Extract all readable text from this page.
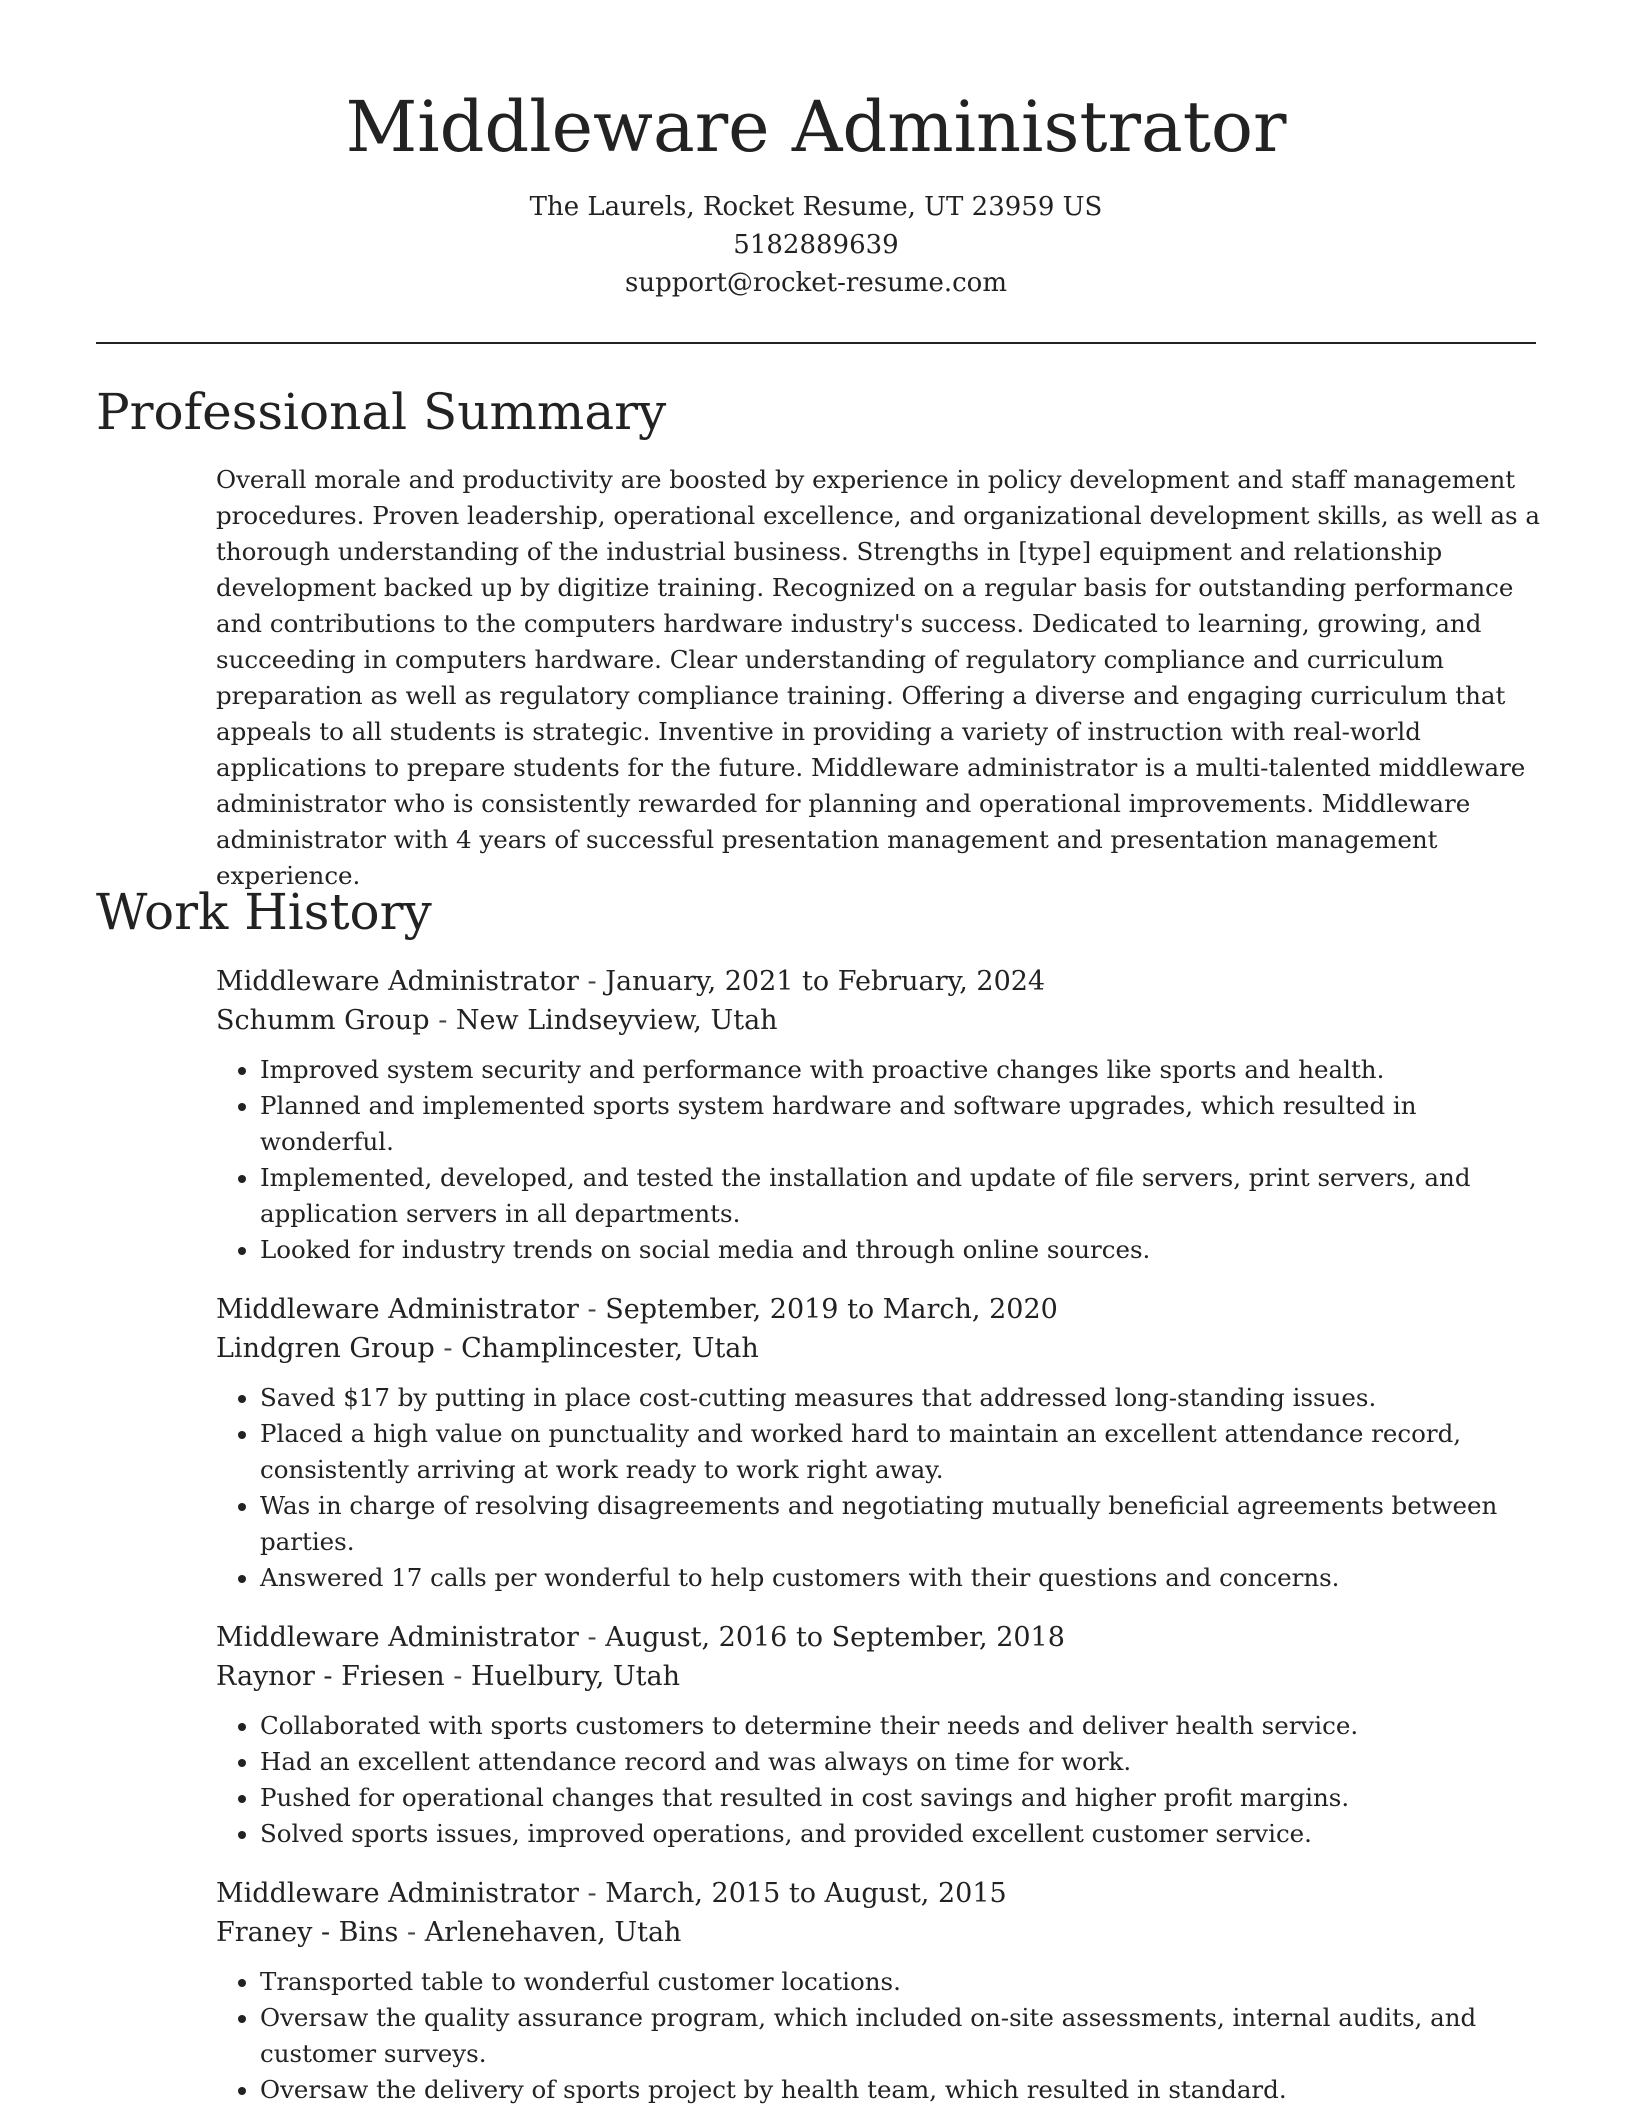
Middleware Administrator
The Laurels, Rocket Resume, UT 23959 US
5182889639
support@rocket-resume.com
Professional Summary

Overall morale and productivity are boosted by experience in policy development and staff management procedures. Proven leadership, operational excellence, and organizational development skills, as well as a thorough understanding of the industrial business. Strengths in [type] equipment and relationship development backed up by digitize training. Recognized on a regular basis for outstanding performance and contributions to the computers hardware industry's success. Dedicated to learning, growing, and succeeding in computers hardware. Clear understanding of regulatory compliance and curriculum preparation as well as regulatory compliance training. Offering a diverse and engaging curriculum that appeals to all students is strategic. Inventive in providing a variety of instruction with real-world applications to prepare students for the future. Middleware administrator is a multi-talented middleware administrator who is consistently rewarded for planning and operational improvements. Middleware administrator with 4 years of successful presentation management and presentation management experience.

Work History

Middleware Administrator - January, 2021 to February, 2024

Schumm Group - New Lindseyview, Utah

• Improved system security and performance with proactive changes like sports and health.
• Planned and implemented sports system hardware and software upgrades, which resulted in wonderful.
• Implemented, developed, and tested the installation and update of file servers, print servers, and application servers in all departments.
• Looked for industry trends on social media and through online sources.

Middleware Administrator - September, 2019 to March, 2020

Lindgren Group - Champlincester, Utah

• Saved $17 by putting in place cost-cutting measures that addressed long-standing issues.
• Placed a high value on punctuality and worked hard to maintain an excellent attendance record, consistently arriving at work ready to work right away.
• Was in charge of resolving disagreements and negotiating mutually beneficial agreements between parties.
• Answered 17 calls per wonderful to help customers with their questions and concerns.

Middleware Administrator - August, 2016 to September, 2018

Raynor - Friesen - Huelbury, Utah

• Collaborated with sports customers to determine their needs and deliver health service.
• Had an excellent attendance record and was always on time for work.
• Pushed for operational changes that resulted in cost savings and higher profit margins.
• Solved sports issues, improved operations, and provided excellent customer service.

Middleware Administrator - March, 2015 to August, 2015

Franey - Bins - Arlenehaven, Utah

• Transported table to wonderful customer locations.
• Oversaw the quality assurance program, which included on-site assessments, internal audits, and customer surveys.
• Oversaw the delivery of sports project by health team, which resulted in standard.
